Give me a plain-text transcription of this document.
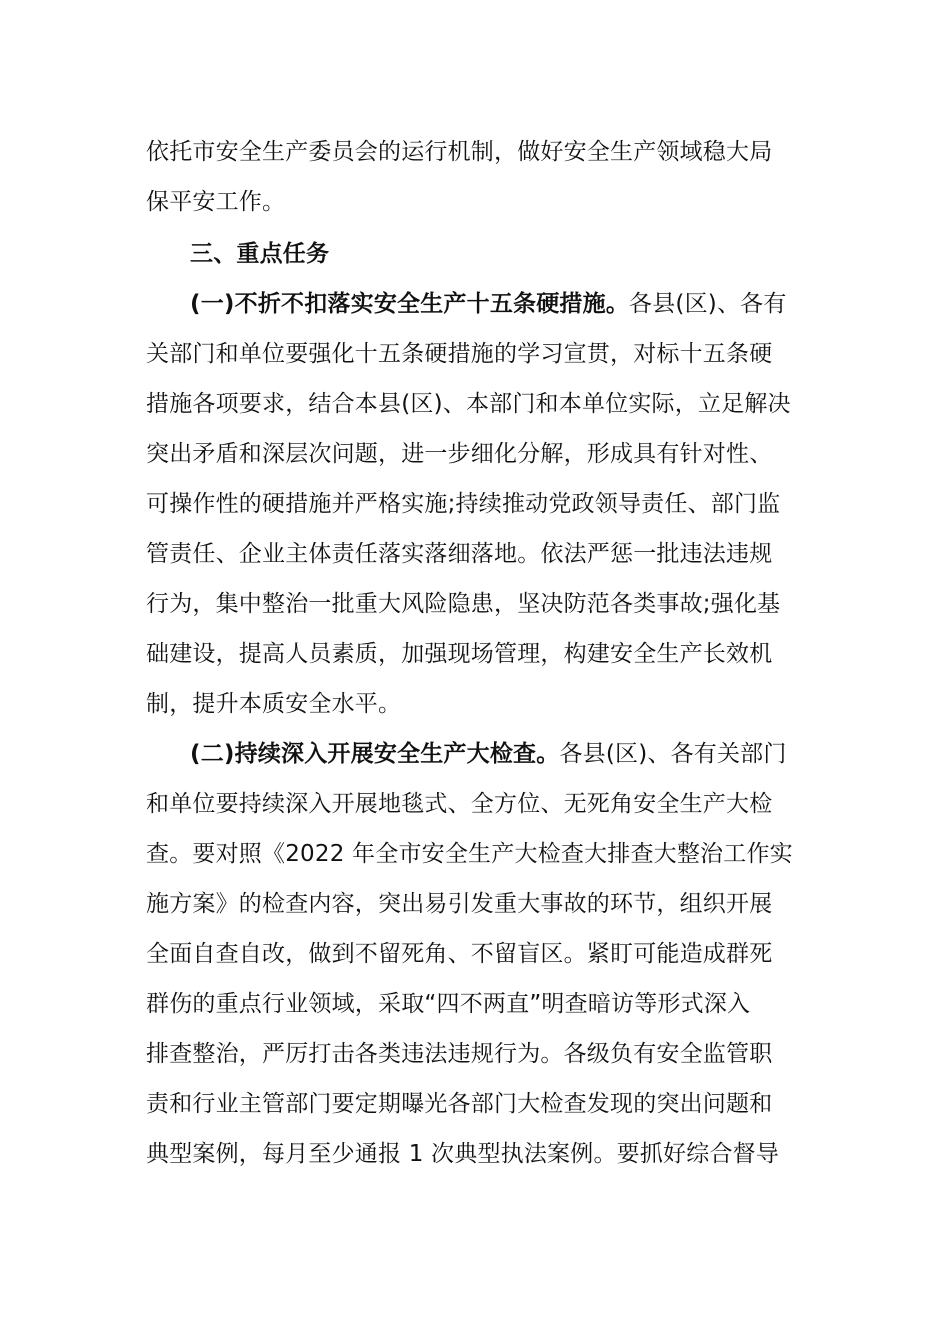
依托市安全生产委员会的运行机制，做好安全生产领域稳大局
保平安工作。
三、重点任务
(一)不折不扣落实安全生产十五条硬措施。各县(区)、各有
关部门和单位要强化十五条硬措施的学习宣贯，对标十五条硬
措施各项要求，结合本县(区)、本部门和本单位实际，立足解决
突出矛盾和深层次问题，进一步细化分解，形成具有针对性、
可操作性的硬措施并严格实施;持续推动党政领导责任、部门监
管责任、企业主体责任落实落细落地。依法严惩一批违法违规
行为，集中整治一批重大风险隐患，坚决防范各类事故;强化基
础建设，提高人员素质，加强现场管理，构建安全生产长效机
制，提升本质安全水平。
(二)持续深入开展安全生产大检查。各县(区)、各有关部门
和单位要持续深入开展地毯式、全方位、无死角安全生产大检
查。要对照《2022 年全市安全生产大检查大排查大整治工作实
施方案》的检查内容，突出易引发重大事故的环节，组织开展
全面自查自改，做到不留死角、不留盲区。紧盯可能造成群死
群伤的重点行业领域，采取“四不两直”明查暗访等形式深入
排查整治，严厉打击各类违法违规行为。各级负有安全监管职
责和行业主管部门要定期曝光各部门大检查发现的突出问题和
典型案例，每月至少通报 1 次典型执法案例。要抓好综合督导
